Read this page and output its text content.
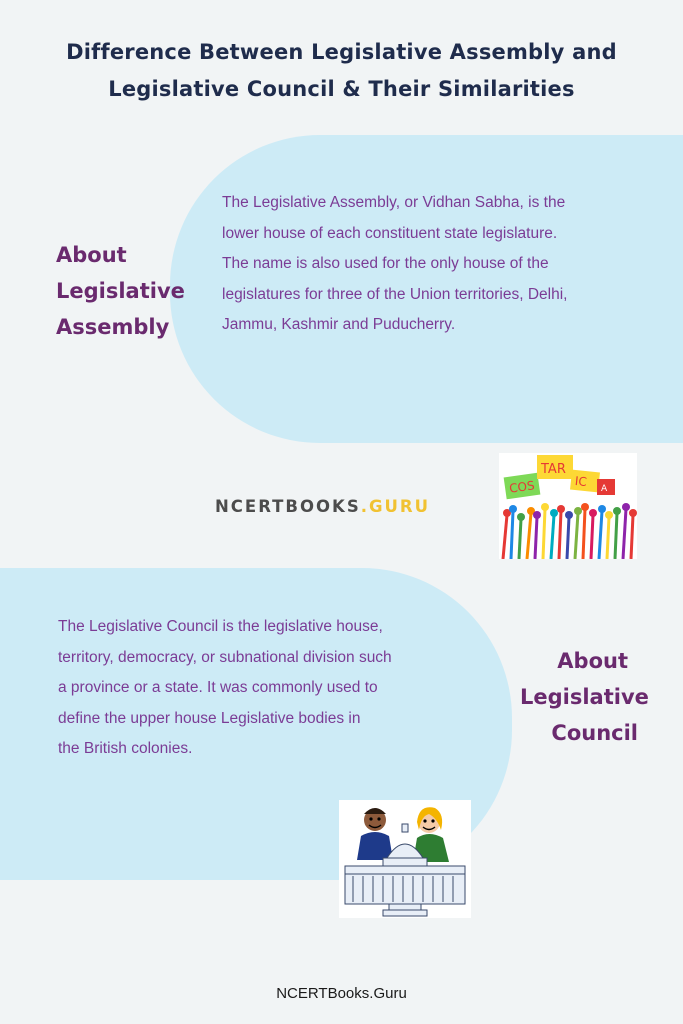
Difference Between Legislative Assembly and
Legislative Council & Their Similarities
About
Legislative
Assembly

The Legislative Assembly, or Vidhan Sabha, is the
lower house of each constituent state legislature.
The name is also used for the only house of the
legislatures for three of the Union territories, Delhi,
Jammu, Kashmir and Puducherry.

NCERTBOOKS.GURU
COS
TAR
IC A

The Legislative Council is the legislative house,
territory, democracy, or subnational division such
a province or a state. It was commonly used to
define the upper house Legislative bodies in
the British colonies.

About
Legislative
Council
NCERTBooks.Guru
